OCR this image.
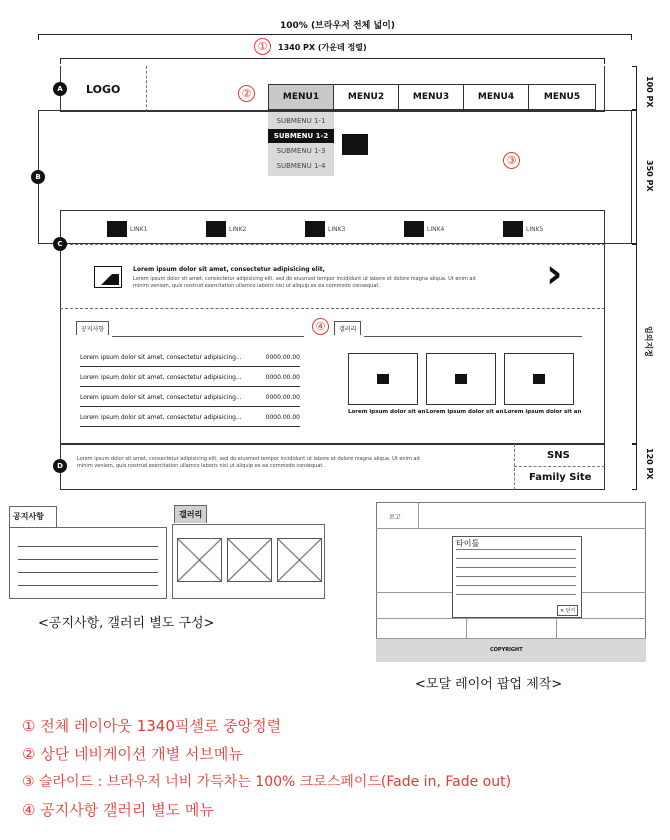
100% (브라우저 전체 넓이)
①	1340 PX (가운데 정렬)
100 PX
350 PX
임의지정
120 PX
A	LOGO	②	MENU1	MENU2	MENU3	MENU4	MENU5
B
③
SUBMENU 1-1
SUBMENU 1-2
SUBMENU 1-3
SUBMENU 1-4
C
LINK1	LINK2	LINK3	LINK4	LINK5
Lorem ipsum dolor sit amet, consectetur adipisicing elit,
Lorem ipsum dolor sit amet, consectetur adipisicing elit, sed do eiusmod tempor incididunt ut labore et dolore magna aliqua. Ut enim ad minim veniam, quis nostrud exercitation ullamco laboris nisi ut aliquip ex ea commodo consequat.	›
공지사항
Lorem ipsum dolor sit amet, consectetur adipisicing...	0000.00.00
Lorem ipsum dolor sit amet, consectetur adipisicing...	0000.00.00
Lorem ipsum dolor sit amet, consectetur adipisicing...	0000.00.00
Lorem ipsum dolor sit amet, consectetur adipisicing...	0000.00.00
④	갤러리
Lorem ipsum dolor sit an Lorem ipsum dolor sit an Lorem ipsum dolor sit an
D
Lorem ipsum dolor sit amet, consectetur adipisicing elit, sed do eiusmod tempor incididunt ut labore et dolore magna aliqua. Ut enim ad minim veniam, quis nostrud exercitation ullamco laboris nisi ut aliquip ex ea commodo consequat.
SNS
Family Site
공지사항	갤러리
<공지사항, 갤러리 별도 구성>
로고
COPYRIGHT
타이틀
× 닫기
<모달 레이어 팝업 제작>
① 전체 레이아웃 1340픽셀로 중앙정렬
② 상단 네비게이션 개별 서브메뉴
③ 슬라이드 : 브라우저 너비 가득차는 100% 크로스페이드(Fade in, Fade out)
④ 공지사항 갤러리 별도 메뉴
